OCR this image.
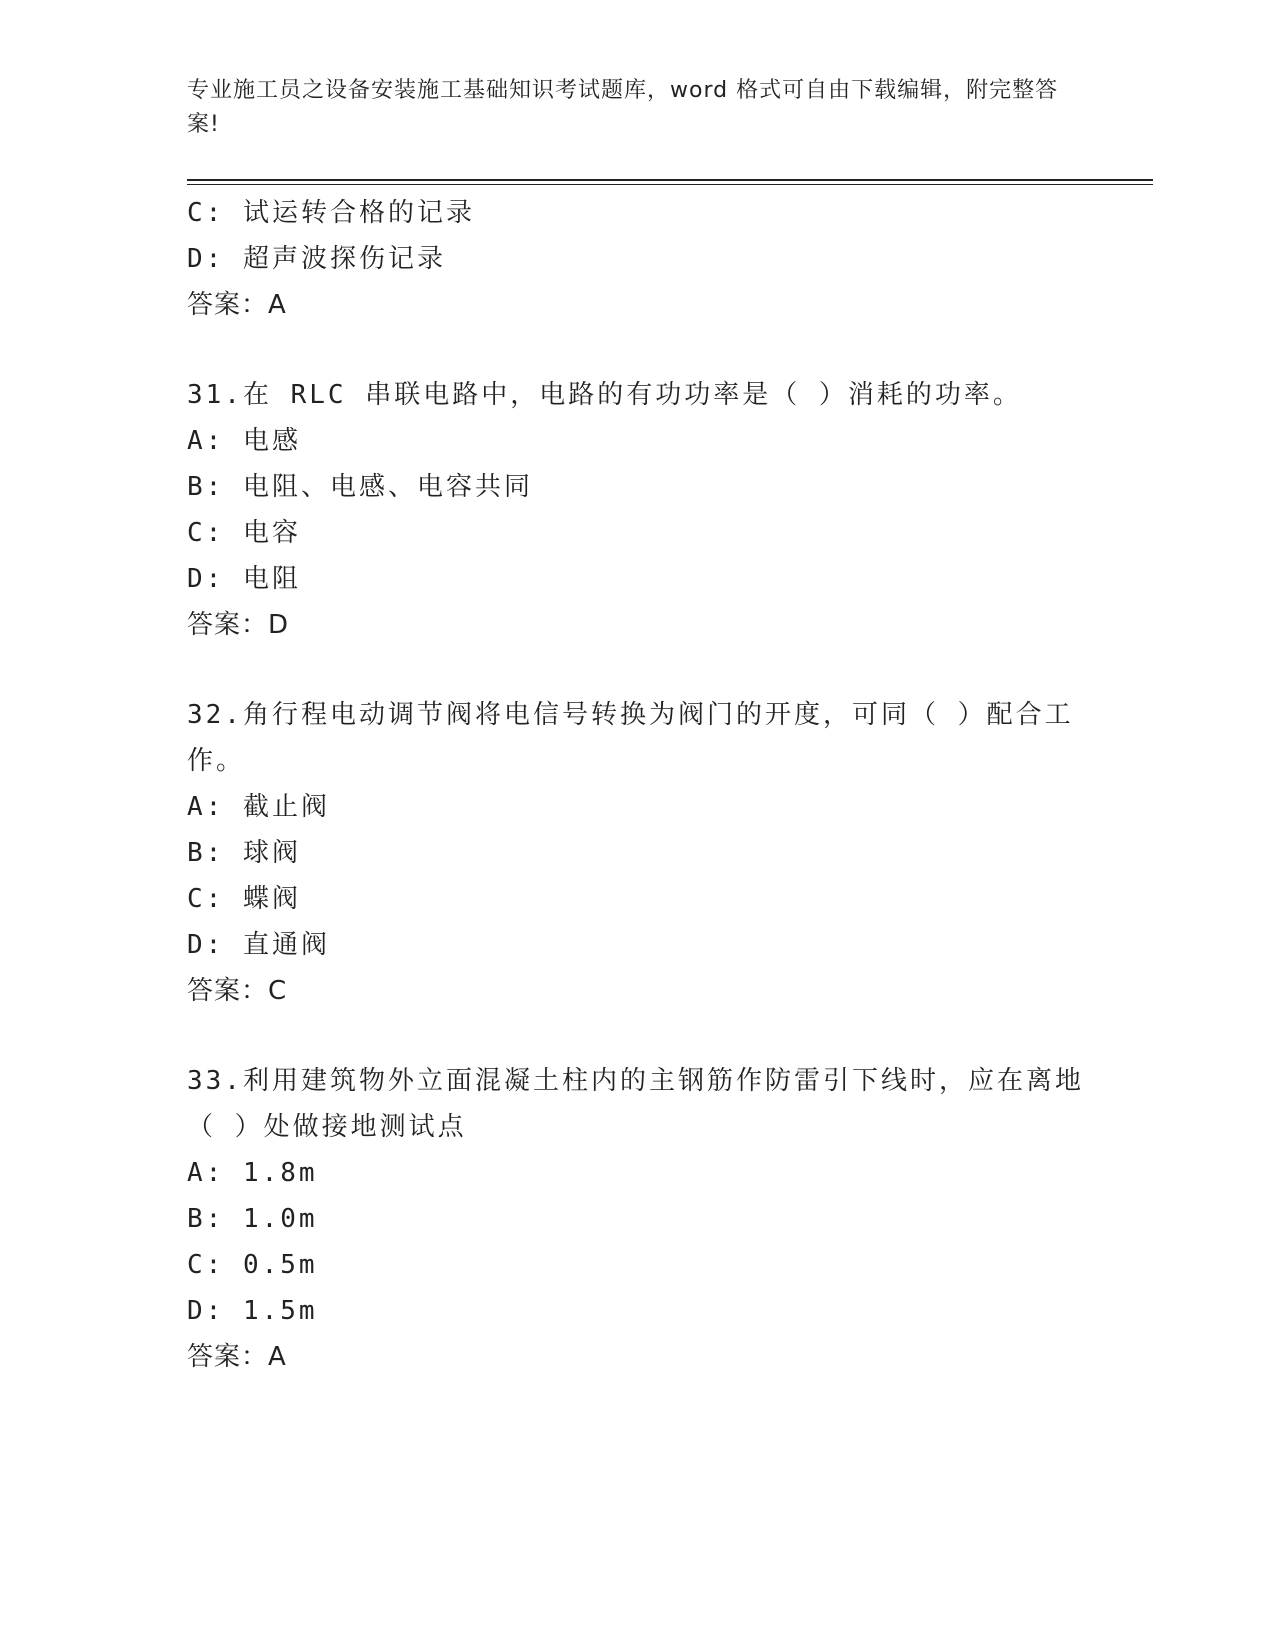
专业施工员之设备安装施工基础知识考试题库，word 格式可自由下载编辑，附完整答案!
C: 试运转合格的记录
D: 超声波探伤记录
答案：A
31.在 RLC 串联电路中，电路的有功功率是（ ）消耗的功率。
A: 电感
B: 电阻、电感、电容共同
C: 电容
D: 电阻
答案：D
32.角行程电动调节阀将电信号转换为阀门的开度，可同（ ）配合工
作。
A: 截止阀
B: 球阀
C: 蝶阀
D: 直通阀
答案：C
33.利用建筑物外立面混凝土柱内的主钢筋作防雷引下线时，应在离地
（ ）处做接地测试点
A: 1.8m
B: 1.0m
C: 0.5m
D: 1.5m
答案：A
